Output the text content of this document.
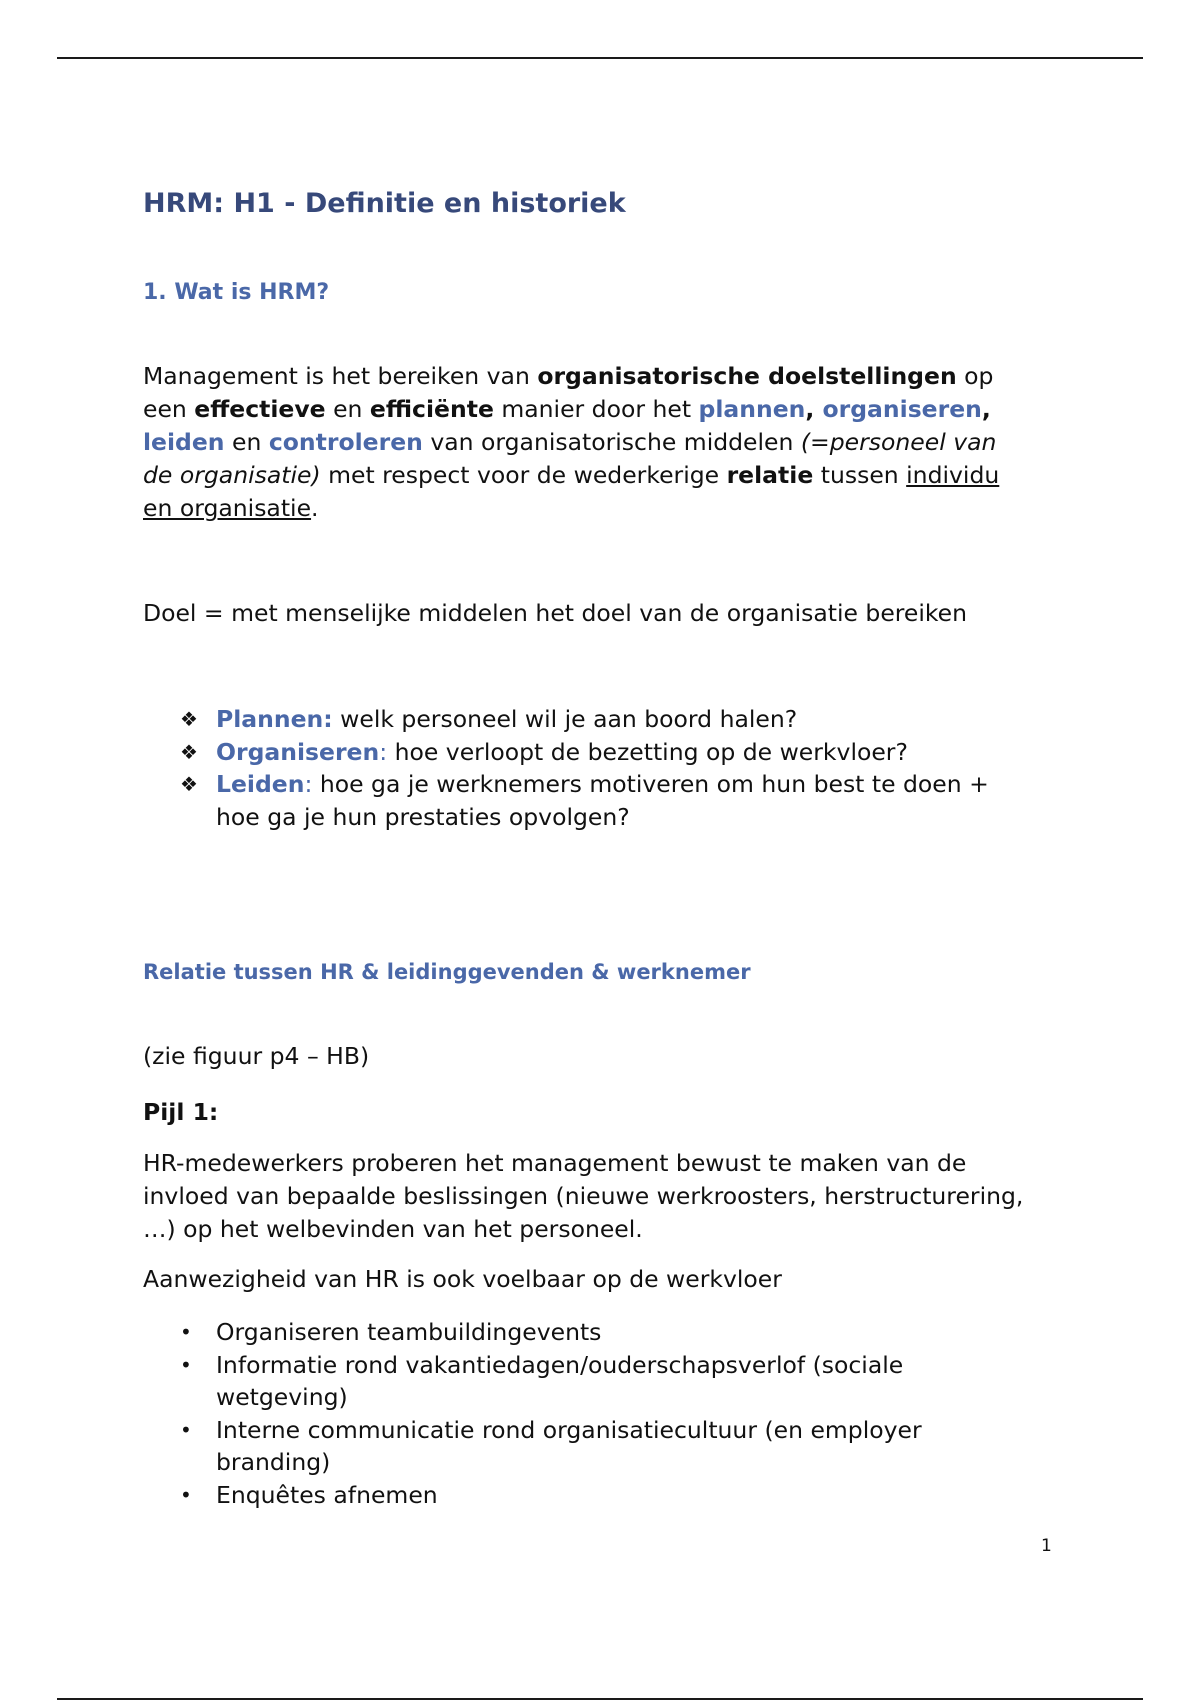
HRM: H1 - Definitie en historiek
1. Wat is HRM?
Management is het bereiken van organisatorische doelstellingen op
een effectieve en efficiënte manier door het plannen, organiseren,
leiden en controleren van organisatorische middelen (=personeel van
de organisatie) met respect voor de wederkerige relatie tussen individu
en organisatie.
Doel = met menselijke middelen het doel van de organisatie bereiken
❖ Plannen: welk personeel wil je aan boord halen?
❖ Organiseren: hoe verloopt de bezetting op de werkvloer?
❖ Leiden: hoe ga je werknemers motiveren om hun best te doen +
hoe ga je hun prestaties opvolgen?
Relatie tussen HR & leidinggevenden & werknemer
(zie figuur p4 – HB)
Pijl 1:
HR-medewerkers proberen het management bewust te maken van de
invloed van bepaalde beslissingen (nieuwe werkroosters, herstructurering,
…) op het welbevinden van het personeel.
Aanwezigheid van HR is ook voelbaar op de werkvloer
• Organiseren teambuildingevents
• Informatie rond vakantiedagen/ouderschapsverlof (sociale
wetgeving)
• Interne communicatie rond organisatiecultuur (en employer
branding)
• Enquêtes afnemen
1
